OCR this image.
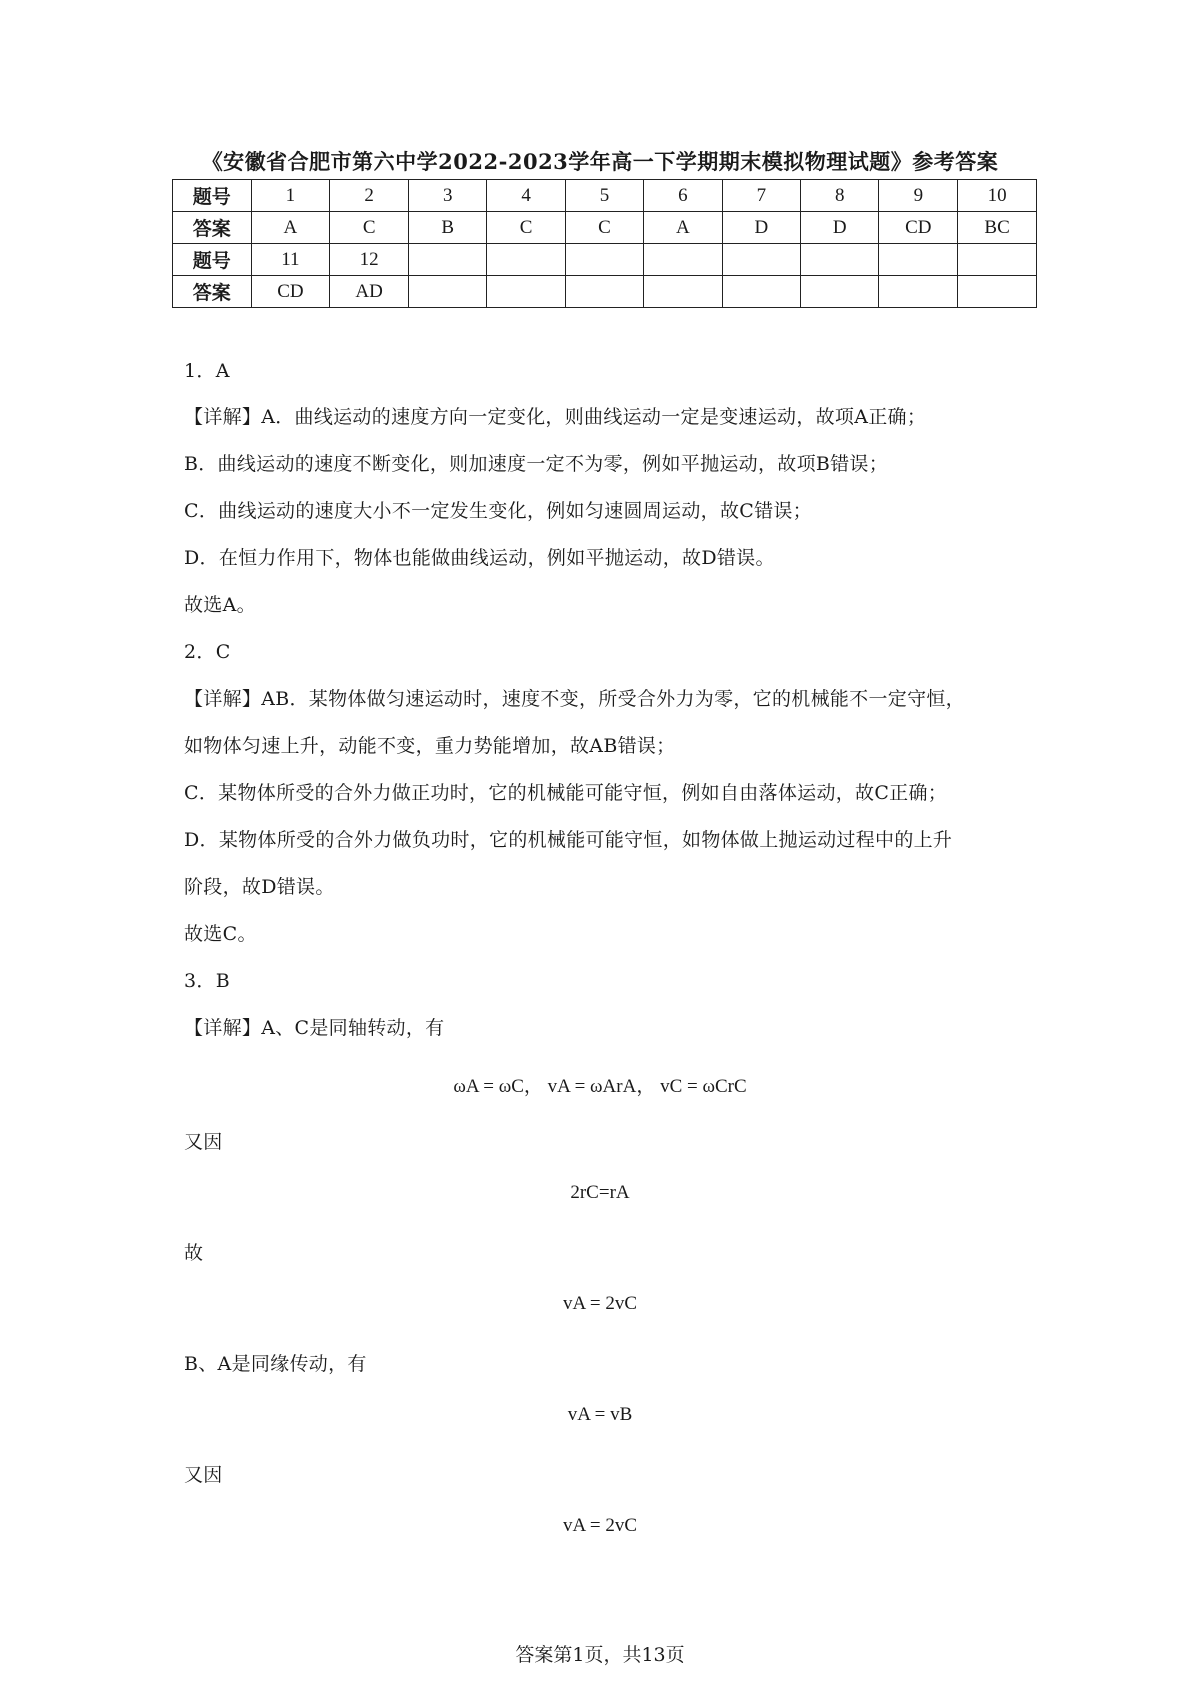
《安徽省合肥市第六中学2022-2023学年高一下学期期末模拟物理试题》参考答案
题号	1	2	3	4	5	6	7	8	9	10
答案	A	C	B	C	C	A	D	D	CD	BC
题号	11	12								
答案	CD	AD								
1．A
【详解】A．曲线运动的速度方向一定变化，则曲线运动一定是变速运动，故项A正确；
B．曲线运动的速度不断变化，则加速度一定不为零，例如平抛运动，故项B错误；
C．曲线运动的速度大小不一定发生变化，例如匀速圆周运动，故C错误；
D．在恒力作用下，物体也能做曲线运动，例如平抛运动，故D错误。
故选A。
2．C
【详解】AB．某物体做匀速运动时，速度不变，所受合外力为零，它的机械能不一定守恒，
如物体匀速上升，动能不变，重力势能增加，故AB错误；
C．某物体所受的合外力做正功时，它的机械能可能守恒，例如自由落体运动，故C正确；
D．某物体所受的合外力做负功时，它的机械能可能守恒，如物体做上抛运动过程中的上升
阶段，故D错误。
故选C。
3．B
【详解】A、C是同轴转动，有
ωA = ωC， vA = ωArA， vC = ωCrC
又因
2rC=rA
故
vA = 2vC
B、A是同缘传动，有
vA = vB
又因
vA = 2vC
答案第1页，共13页
